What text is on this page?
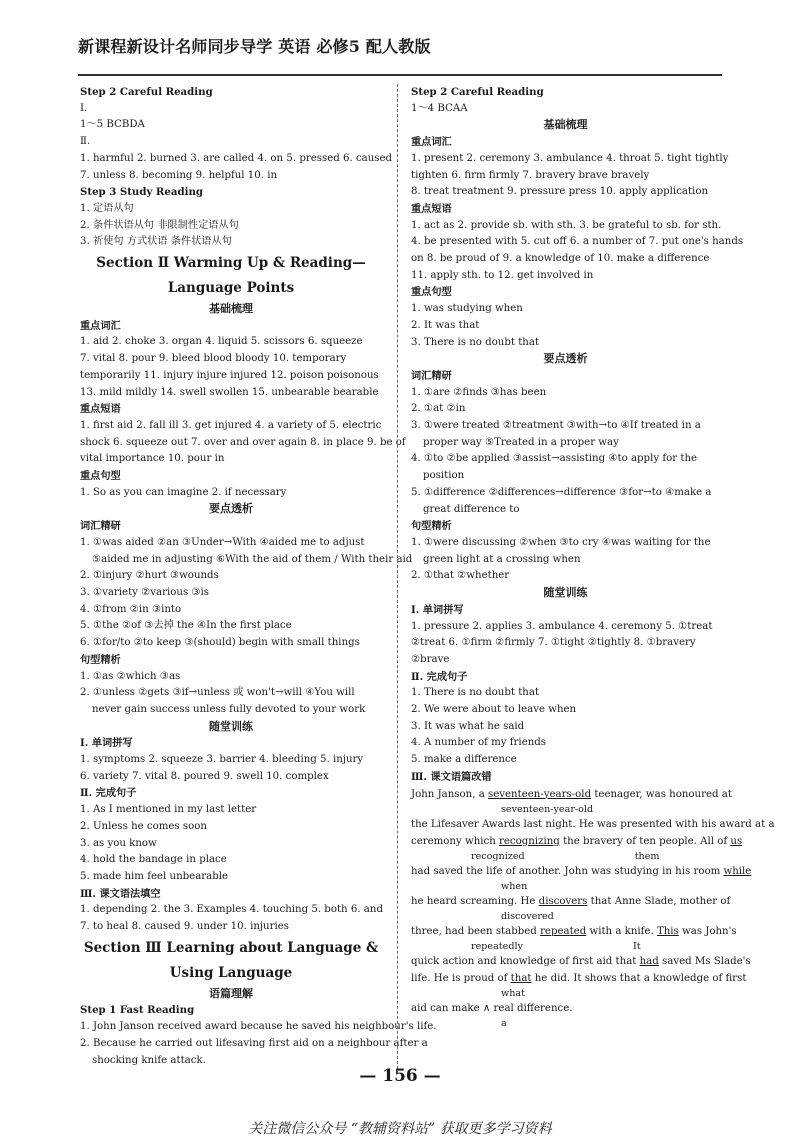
新课程新设计名师同步导学 英语 必修5 配人教版
Step 2 Careful Reading
Ⅰ.
1～5 BCBDA
Ⅱ.
1. harmful 2. burned 3. are called 4. on 5. pressed 6. caused
7. unless 8. becoming 9. helpful 10. in
Step 3 Study Reading
1. 定语从句
2. 条件状语从句 非限制性定语从句
3. 祈使句 方式状语 条件状语从句
Section Ⅱ Warming Up & Reading—
Language Points
基础梳理
重点词汇
1. aid 2. choke 3. organ 4. liquid 5. scissors 6. squeeze
7. vital 8. pour 9. bleed blood bloody 10. temporary
temporarily 11. injury injure injured 12. poison poisonous
13. mild mildly 14. swell swollen 15. unbearable bearable
重点短语
1. first aid 2. fall ill 3. get injured 4. a variety of 5. electric
shock 6. squeeze out 7. over and over again 8. in place 9. be of
vital importance 10. pour in
重点句型
1. So as you can imagine 2. if necessary
要点透析
词汇精研
1. ①was aided ②an ③Under→With ④aided me to adjust
⑤aided me in adjusting ⑥With the aid of them / With their aid
2. ①injury ②hurt ③wounds
3. ①variety ②various ③is
4. ①from ②in ③into
5. ①the ②of ③去掉 the ④In the first place
6. ①for/to ②to keep ③(should) begin with small things
句型精析
1. ①as ②which ③as
2. ①unless ②gets ③if→unless 或 won't→will ④You will
never gain success unless fully devoted to your work
随堂训练
Ⅰ. 单词拼写
1. symptoms 2. squeeze 3. barrier 4. bleeding 5. injury
6. variety 7. vital 8. poured 9. swell 10. complex
Ⅱ. 完成句子
1. As I mentioned in my last letter
2. Unless he comes soon
3. as you know
4. hold the bandage in place
5. made him feel unbearable
Ⅲ. 课文语法填空
1. depending 2. the 3. Examples 4. touching 5. both 6. and
7. to heal 8. caused 9. under 10. injuries
Section Ⅲ Learning about Language &
Using Language
语篇理解
Step 1 Fast Reading
1. John Janson received award because he saved his neighbour's life.
2. Because he carried out lifesaving first aid on a neighbour after a
shocking knife attack.
Step 2 Careful Reading
1～4 BCAA
基础梳理
重点词汇
1. present 2. ceremony 3. ambulance 4. throat 5. tight tightly
tighten 6. firm firmly 7. bravery brave bravely
8. treat treatment 9. pressure press 10. apply application
重点短语
1. act as 2. provide sb. with sth. 3. be grateful to sb. for sth.
4. be presented with 5. cut off 6. a number of 7. put one's hands
on 8. be proud of 9. a knowledge of 10. make a difference
11. apply sth. to 12. get involved in
重点句型
1. was studying when
2. It was that
3. There is no doubt that
要点透析
词汇精研
1. ①are ②finds ③has been
2. ①at ②in
3. ①were treated ②treatment ③with→to ④If treated in a
proper way ⑤Treated in a proper way
4. ①to ②be applied ③assist→assisting ④to apply for the
position
5. ①difference ②differences→difference ③for→to ④make a
great difference to
句型精析
1. ①were discussing ②when ③to cry ④was waiting for the
green light at a crossing when
2. ①that ②whether
随堂训练
Ⅰ. 单词拼写
1. pressure 2. applies 3. ambulance 4. ceremony 5. ①treat
②treat 6. ①firm ②firmly 7. ①tight ②tightly 8. ①bravery
②brave
Ⅱ. 完成句子
1. There is no doubt that
2. We were about to leave when
3. It was what he said
4. A number of my friends
5. make a difference
Ⅲ. 课文语篇改错
John Janson, a seventeen-years-old teenager, was honoured at
seventeen-year-old
the Lifesaver Awards last night. He was presented with his award at a
ceremony which recognizing the bravery of ten people. All of us
recognized	them
had saved the life of another. John was studying in his room while
when
he heard screaming. He discovers that Anne Slade, mother of
discovered
three, had been stabbed repeated with a knife. This was John's
repeatedly	It
quick action and knowledge of first aid that had saved Ms Slade's
life. He is proud of that he did. It shows that a knowledge of first
what
aid can make ∧ real difference.
a
— 156 —
关注微信公众号 “教辅资料站” 获取更多学习资料
